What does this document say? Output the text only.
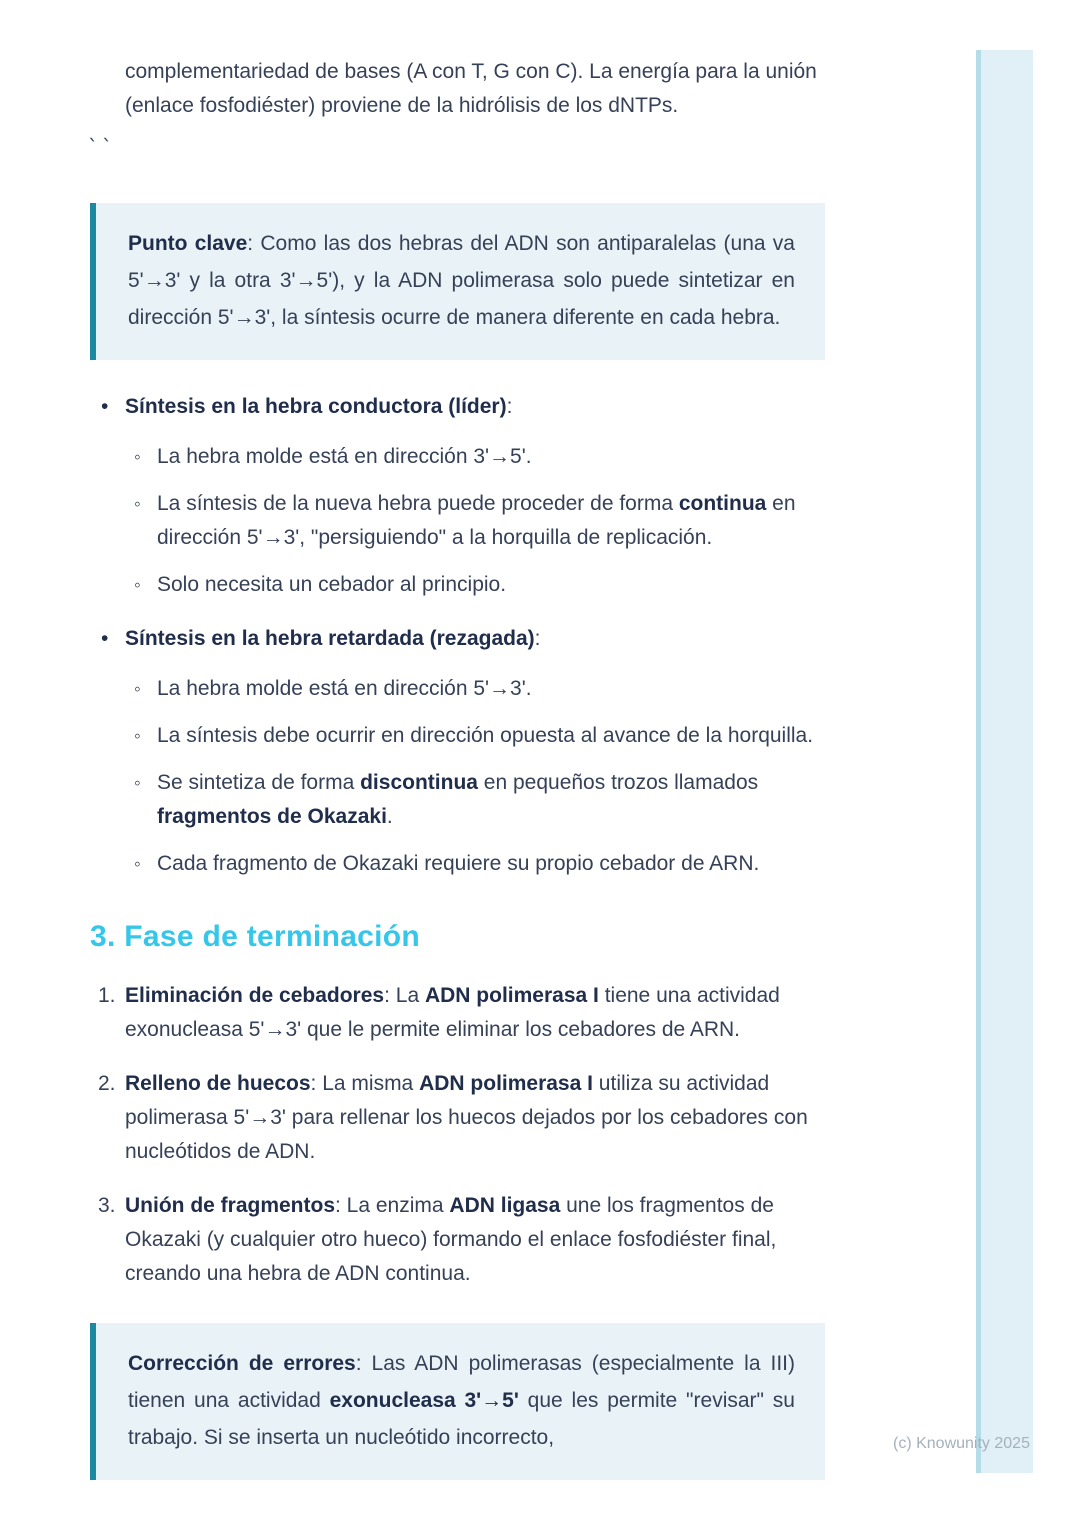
complementariedad de bases (A con T, G con C). La energía para la unión (enlace fosfodiéster) proviene de la hidrólisis de los dNTPs.

``

Punto clave: Como las dos hebras del ADN son antiparalelas (una va 5'→3' y la otra 3'→5'), y la ADN polimerasa solo puede sintetizar en dirección 5'→3', la síntesis ocurre de manera diferente en cada hebra.

• Síntesis en la hebra conductora (líder):
◦ La hebra molde está en dirección 3'→5'.
◦ La síntesis de la nueva hebra puede proceder de forma continua en dirección 5'→3', "persiguiendo" a la horquilla de replicación.
◦ Solo necesita un cebador al principio.
• Síntesis en la hebra retardada (rezagada):
◦ La hebra molde está en dirección 5'→3'.
◦ La síntesis debe ocurrir en dirección opuesta al avance de la horquilla.
◦ Se sintetiza de forma discontinua en pequeños trozos llamados fragmentos de Okazaki.
◦ Cada fragmento de Okazaki requiere su propio cebador de ARN.
3. Fase de terminación
1. Eliminación de cebadores: La ADN polimerasa I tiene una actividad exonucleasa 5'→3' que le permite eliminar los cebadores de ARN.
2. Relleno de huecos: La misma ADN polimerasa I utiliza su actividad polimerasa 5'→3' para rellenar los huecos dejados por los cebadores con nucleótidos de ADN.
3. Unión de fragmentos: La enzima ADN ligasa une los fragmentos de Okazaki (y cualquier otro hueco) formando el enlace fosfodiéster final, creando una hebra de ADN continua.

Corrección de errores: Las ADN polimerasas (especialmente la III) tienen una actividad exonucleasa 3'→5' que les permite "revisar" su trabajo. Si se inserta un nucleótido incorrecto,	(c) Knowunity 2025
